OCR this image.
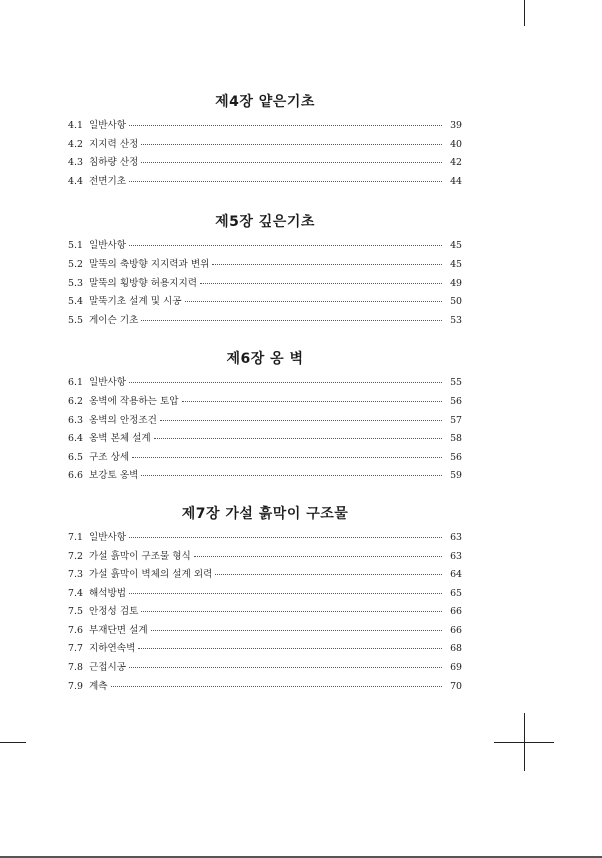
제4장 얕은기초
4.1 일반사항	39
4.2 지지력 산정	40
4.3 침하량 산정	42
4.4 전면기초	44
제5장 깊은기초
5.1 일반사항	45
5.2 말뚝의 축방향 지지력과 변위	45
5.3 말뚝의 횡방향 허용지지력	49
5.4 말뚝기초 설계 및 시공	50
5.5 게이슨 기초	53
제6장 옹 벽
6.1 일반사항	55
6.2 옹벽에 작용하는 토압	56
6.3 옹벽의 안정조건	57
6.4 옹벽 본체 설계	58
6.5 구조 상세	56
6.6 보강토 옹벽	59
제7장 가설 흙막이 구조물
7.1 일반사항	63
7.2 가설 흙막이 구조물 형식	63
7.3 가설 흙막이 벽체의 설계 외력	64
7.4 해석방법	65
7.5 안정성 검토	66
7.6 부재단면 설계	66
7.7 지하연속벽	68
7.8 근접시공	69
7.9 계측	70
